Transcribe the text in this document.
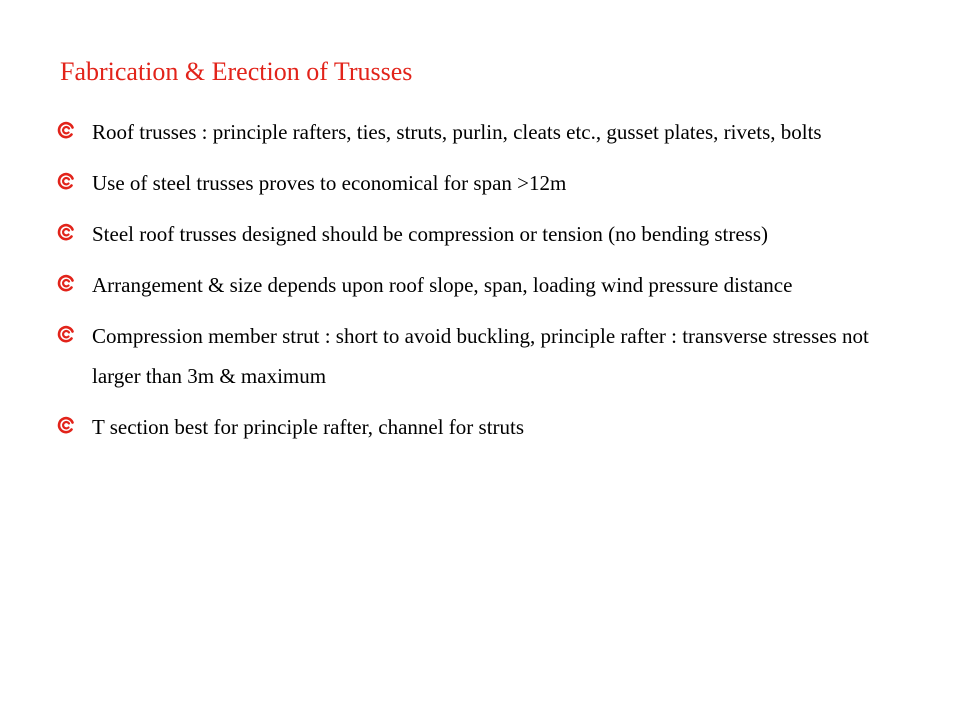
Fabrication & Erection of Trusses
Roof trusses : principle rafters, ties, struts, purlin, cleats etc., gusset plates, rivets, bolts
Use of steel trusses proves to economical for span >12m
Steel roof trusses designed should be compression or tension (no bending stress)
Arrangement & size depends upon roof slope, span, loading wind pressure distance
Compression member strut : short to avoid buckling, principle rafter : transverse stresses not larger than 3m & maximum
T section best for principle rafter, channel for struts
